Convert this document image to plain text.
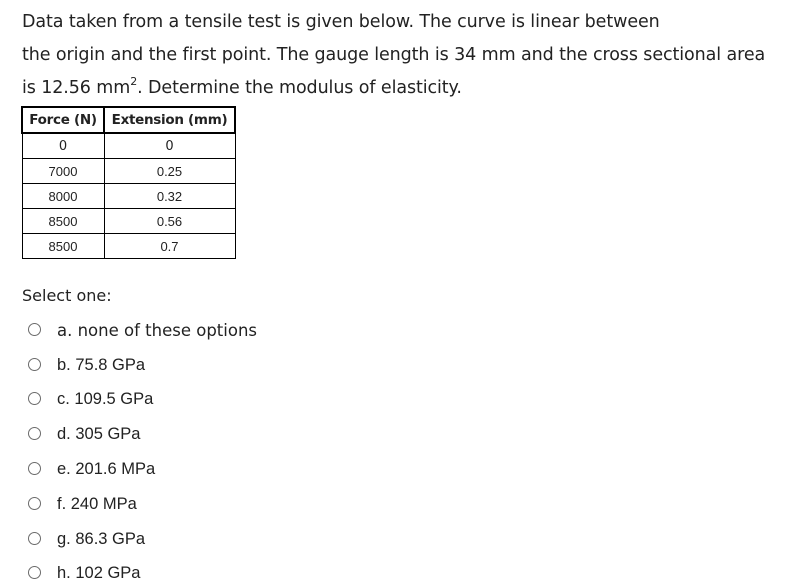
Data taken from a tensile test is given below. The curve is linear between

the origin and the first point. The gauge length is 34 mm and the cross sectional area

is 12.56 $mm^2$. Determine the modulus of elasticity.

Force (N)	Extension (mm)
0	0
7000	0.25
8000	0.32
8500	0.56
8500	0.7
Select one:
a. none of these options
b. 75.8 GPa
c. 109.5 GPa
d. 305 GPa
e. 201.6 MPa
f. 240 MPa
g. 86.3 GPa
h. 102 GPa
